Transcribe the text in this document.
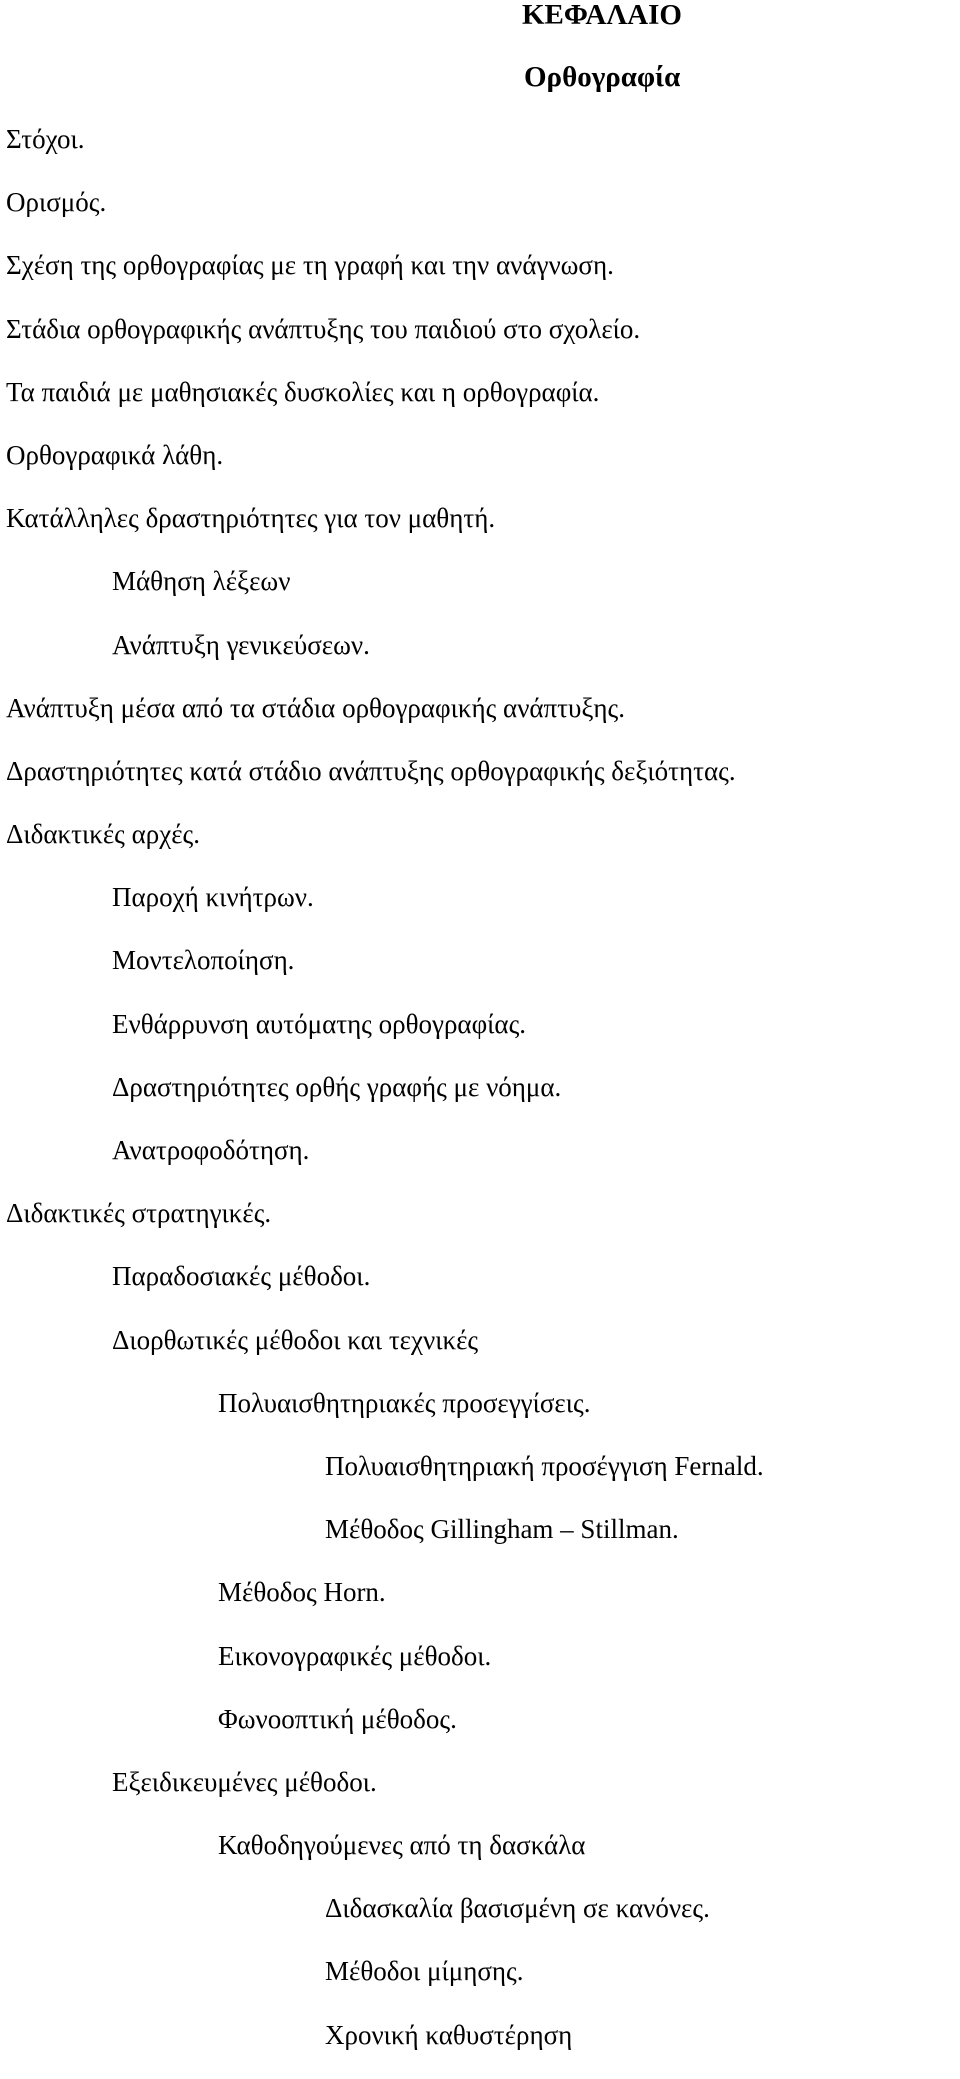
ΚΕΦΑΛΑΙΟ
Ορθογραφία
Στόχοι.
Ορισμός.
Σχέση της ορθογραφίας με τη γραφή και την ανάγνωση.
Στάδια ορθογραφικής ανάπτυξης του παιδιού στο σχολείο.
Τα παιδιά με μαθησιακές δυσκολίες και η ορθογραφία.
Ορθογραφικά λάθη.
Κατάλληλες δραστηριότητες για τον μαθητή.
Μάθηση λέξεων
Ανάπτυξη γενικεύσεων.
Ανάπτυξη μέσα από τα στάδια ορθογραφικής ανάπτυξης.
Δραστηριότητες κατά στάδιο ανάπτυξης ορθογραφικής δεξιότητας.
Διδακτικές αρχές.
Παροχή κινήτρων.
Μοντελοποίηση.
Ενθάρρυνση αυτόματης ορθογραφίας.
Δραστηριότητες ορθής γραφής με νόημα.
Ανατροφοδότηση.
Διδακτικές στρατηγικές.
Παραδοσιακές μέθοδοι.
Διορθωτικές μέθοδοι και τεχνικές
Πολυαισθητηριακές προσεγγίσεις.
Πολυαισθητηριακή προσέγγιση Fernald.
Μέθοδος Gillingham – Stillman.
Μέθοδος Horn.
Εικονογραφικές μέθοδοι.
Φωνοοπτική μέθοδος.
Εξειδικευμένες μέθοδοι.
Καθοδηγούμενες από τη δασκάλα
Διδασκαλία βασισμένη σε κανόνες.
Μέθοδοι μίμησης.
Χρονική καθυστέρηση
